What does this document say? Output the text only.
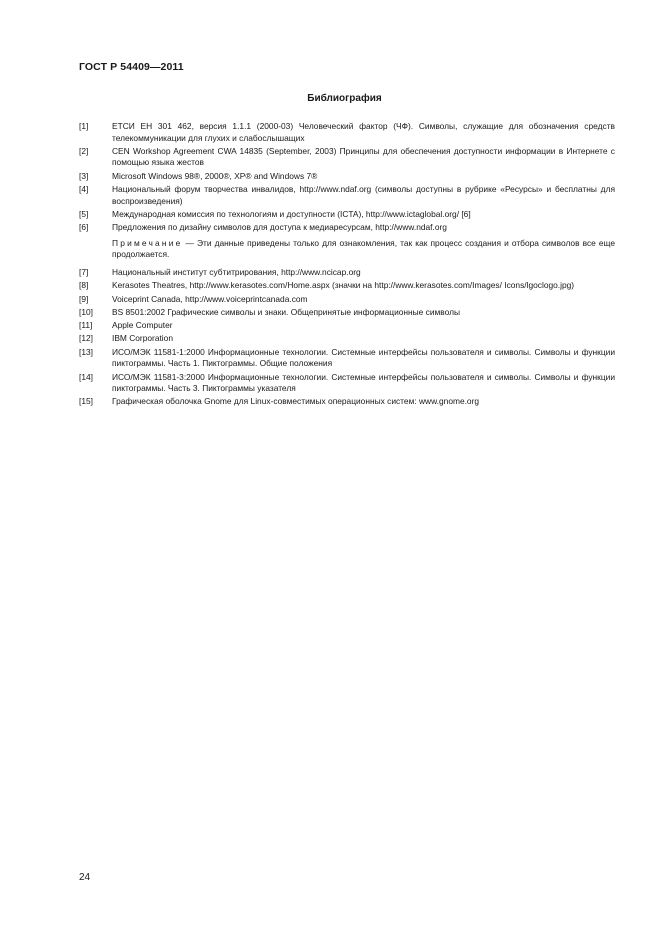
ГОСТ Р 54409—2011
Библиография
[1]	ЕТСИ ЕН 301 462, версия 1.1.1 (2000-03) Человеческий фактор (ЧФ). Символы, служащие для обозначения средств телекоммуникации для глухих и слабослышащих
[2]	CEN Workshop Agreement CWA 14835 (September, 2003) Принципы для обеспечения доступности информации в Интернете с помощью языка жестов
[3]	Microsoft Windows 98®, 2000®, XP® and Windows 7®
[4]	Национальный форум творчества инвалидов, http://www.ndaf.org (символы доступны в рубрике «Ресурсы» и бесплатны для воспроизведения)
[5]	Международная комиссия по технологиям и доступности (ICTA), http://www.ictaglobal.org/ [6]
[6]	Предложения по дизайну символов для доступа к медиаресурсам, http://www.ndaf.org
Примечание — Эти данные приведены только для ознакомления, так как процесс создания и отбора символов все еще продолжается.
[7]	Национальный институт субтитрирования, http://www.ncicap.org
[8]	Kerasotes Theatres, http://www.kerasotes.com/Home.aspx (значки на http://www.kerasotes.com/Images/ Icons/lgoclogo.jpg)
[9]	Voiceprint Canada, http://www.voiceprintcanada.com
[10]	BS 8501:2002 Графические символы и знаки. Общепринятые информационные символы
[11]	Apple Computer
[12]	IBM Corporation
[13]	ИСО/МЭК 11581-1:2000 Информационные технологии. Системные интерфейсы пользователя и символы. Символы и функции пиктограммы. Часть 1. Пиктограммы. Общие положения
[14]	ИСО/МЭК 11581-3:2000 Информационные технологии. Системные интерфейсы пользователя и символы. Символы и функции пиктограммы. Часть 3. Пиктограммы указателя
[15]	Графическая оболочка Gnome для Linux-совместимых операционных систем: www.gnome.org
24
